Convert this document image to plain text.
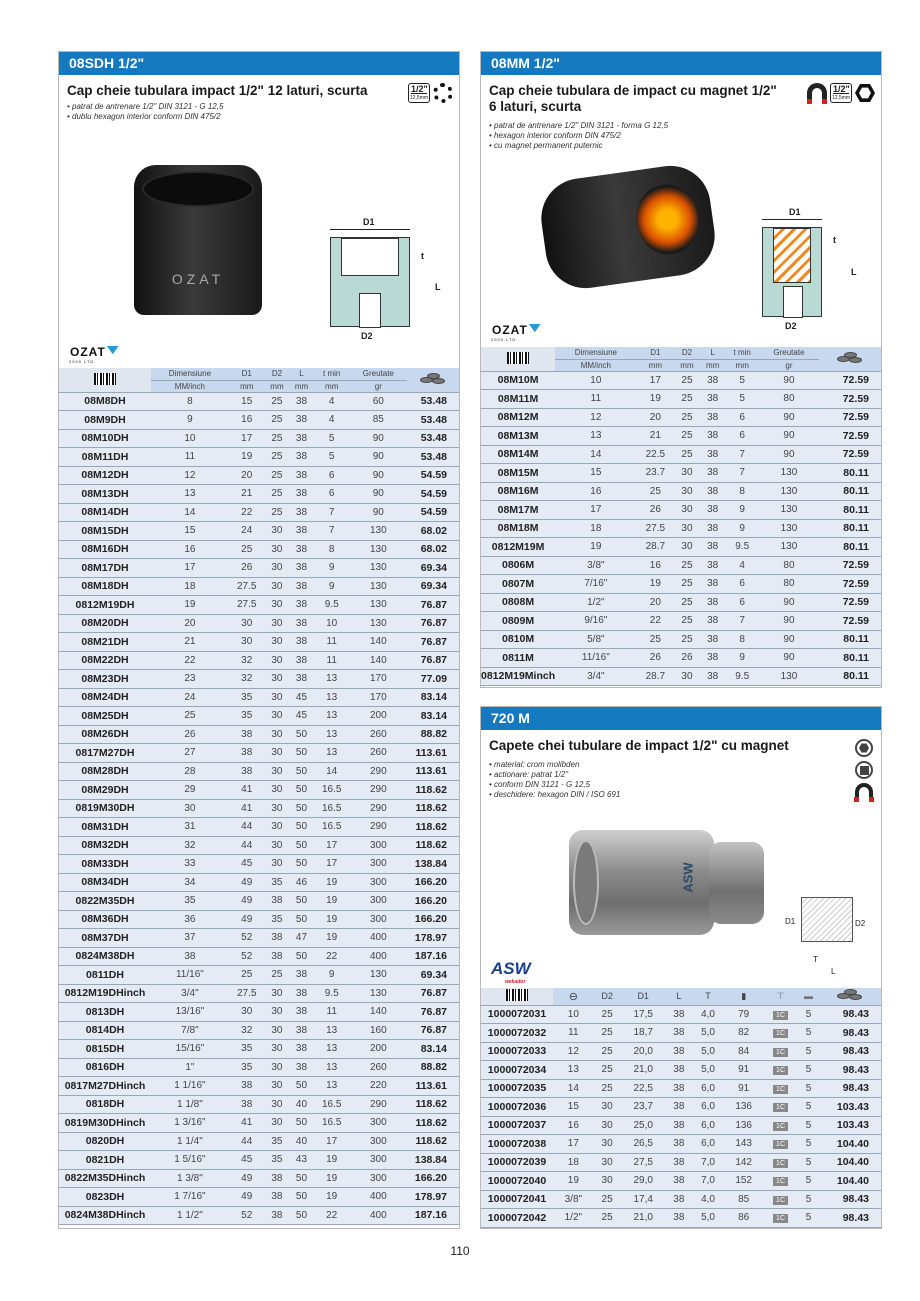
08SDH 1/2"
Cap cheie tubulara impact 1/2" 12 laturi, scurta
• patrat de antrenare 1/2" DIN 3121 - G 12,5
• dublu hexagon interior conform DIN 475/2
1/2"
12,5mm
OZAT
D1
t
L
D2
OZAT
2000 LTD.
	Dimensiune	D1	D2	L	t min	Greutate	

	MM/inch	mm	mm	mm	mm	gr	
08M8DH	8	15	25	38	4	60	53.48
08M9DH	9	16	25	38	4	85	53.48
08M10DH	10	17	25	38	5	90	53.48
08M11DH	11	19	25	38	5	90	53.48
08M12DH	12	20	25	38	6	90	54.59
08M13DH	13	21	25	38	6	90	54.59
08M14DH	14	22	25	38	7	90	54.59
08M15DH	15	24	30	38	7	130	68.02
08M16DH	16	25	30	38	8	130	68.02
08M17DH	17	26	30	38	9	130	69.34
08M18DH	18	27.5	30	38	9	130	69.34
0812M19DH	19	27.5	30	38	9.5	130	76.87
08M20DH	20	30	30	38	10	130	76.87
08M21DH	21	30	30	38	11	140	76.87
08M22DH	22	32	30	38	11	140	76.87
08M23DH	23	32	30	38	13	170	77.09
08M24DH	24	35	30	45	13	170	83.14
08M25DH	25	35	30	45	13	200	83.14
08M26DH	26	38	30	50	13	260	88.82
0817M27DH	27	38	30	50	13	260	113.61
08M28DH	28	38	30	50	14	290	113.61
08M29DH	29	41	30	50	16.5	290	118.62
0819M30DH	30	41	30	50	16.5	290	118.62
08M31DH	31	44	30	50	16.5	290	118.62
08M32DH	32	44	30	50	17	300	118.62
08M33DH	33	45	30	50	17	300	138.84
08M34DH	34	49	35	46	19	300	166.20
0822M35DH	35	49	38	50	19	300	166.20
08M36DH	36	49	35	50	19	300	166.20
08M37DH	37	52	38	47	19	400	178.97
0824M38DH	38	52	38	50	22	400	187.16
0811DH	11/16"	25	25	38	9	130	69.34
0812M19DHinch	3/4"	27.5	30	38	9.5	130	76.87
0813DH	13/16"	30	30	38	11	140	76.87
0814DH	7/8"	32	30	38	13	160	76.87
0815DH	15/16"	35	30	38	13	200	83.14
0816DH	1"	35	30	38	13	260	88.82
0817M27DHinch	1 1/16"	38	30	50	13	220	113.61
0818DH	1 1/8"	38	30	40	16.5	290	118.62
0819M30DHinch	1 3/16"	41	30	50	16.5	300	118.62
0820DH	1 1/4"	44	35	40	17	300	118.62
0821DH	1 5/16"	45	35	43	19	300	138.84
0822M35DHinch	1 3/8"	49	38	50	19	300	166.20
0823DH	1 7/16"	49	38	50	19	400	178.97
0824M38DHinch	1 1/2"	52	38	50	22	400	187.16
08MM 1/2"
Cap cheie tubulara de impact cu magnet 1/2"
6 laturi, scurta
• patrat de antrenare 1/2" DIN 3121 - forma G 12,5
• hexagon interior conform DIN 475/2
• cu magnet permanent puternic
1/2"
12,5mm
D1
t
L
D2
OZAT
2000 LTD.
	Dimensiune	D1	D2	L	t min	Greutate	

	MM/inch	mm	mm	mm	mm	gr	
08M10M	10	17	25	38	5	90	72.59
08M11M	11	19	25	38	5	80	72.59
08M12M	12	20	25	38	6	90	72.59
08M13M	13	21	25	38	6	90	72.59
08M14M	14	22.5	25	38	7	90	72.59
08M15M	15	23.7	30	38	7	130	80.11
08M16M	16	25	30	38	8	130	80.11
08M17M	17	26	30	38	9	130	80.11
08M18M	18	27.5	30	38	9	130	80.11
0812M19M	19	28.7	30	38	9.5	130	80.11
0806M	3/8"	16	25	38	4	80	72.59
0807M	7/16"	19	25	38	6	80	72.59
0808M	1/2"	20	25	38	6	90	72.59
0809M	9/16"	22	25	38	7	90	72.59
0810M	5/8"	25	25	38	8	90	80.11
0811M	11/16"	26	26	38	9	90	80.11
0812M19Minch	3/4"	28.7	30	38	9.5	130	80.11
720 M
Capete chei tubulare de impact 1/2" cu magnet
• material: crom molibden
• actionare: patrat 1/2"
• conform DIN 3121 - G 12,5
• deschidere: hexagon DIN / ISO 691
ASW
D1	D2
T
L
ASW
wekador
	⊖	D2	D1	L	T	▮	⊤	▬	

1000072031	10	25	17,5	38	4,0	79	1C	5	98.43
1000072032	11	25	18,7	38	5,0	82	1C	5	98.43
1000072033	12	25	20,0	38	5,0	84	1C	5	98.43
1000072034	13	25	21,0	38	5,0	91	1C	5	98.43
1000072035	14	25	22,5	38	6,0	91	1C	5	98.43
1000072036	15	30	23,7	38	6,0	136	1C	5	103.43
1000072037	16	30	25,0	38	6,0	136	1C	5	103.43
1000072038	17	30	26,5	38	6,0	143	1C	5	104.40
1000072039	18	30	27,5	38	7,0	142	1C	5	104.40
1000072040	19	30	29,0	38	7,0	152	1C	5	104.40
1000072041	3/8"	25	17,4	38	4,0	85	1C	5	98.43
1000072042	1/2"	25	21,0	38	5,0	86	1C	5	98.43
110
